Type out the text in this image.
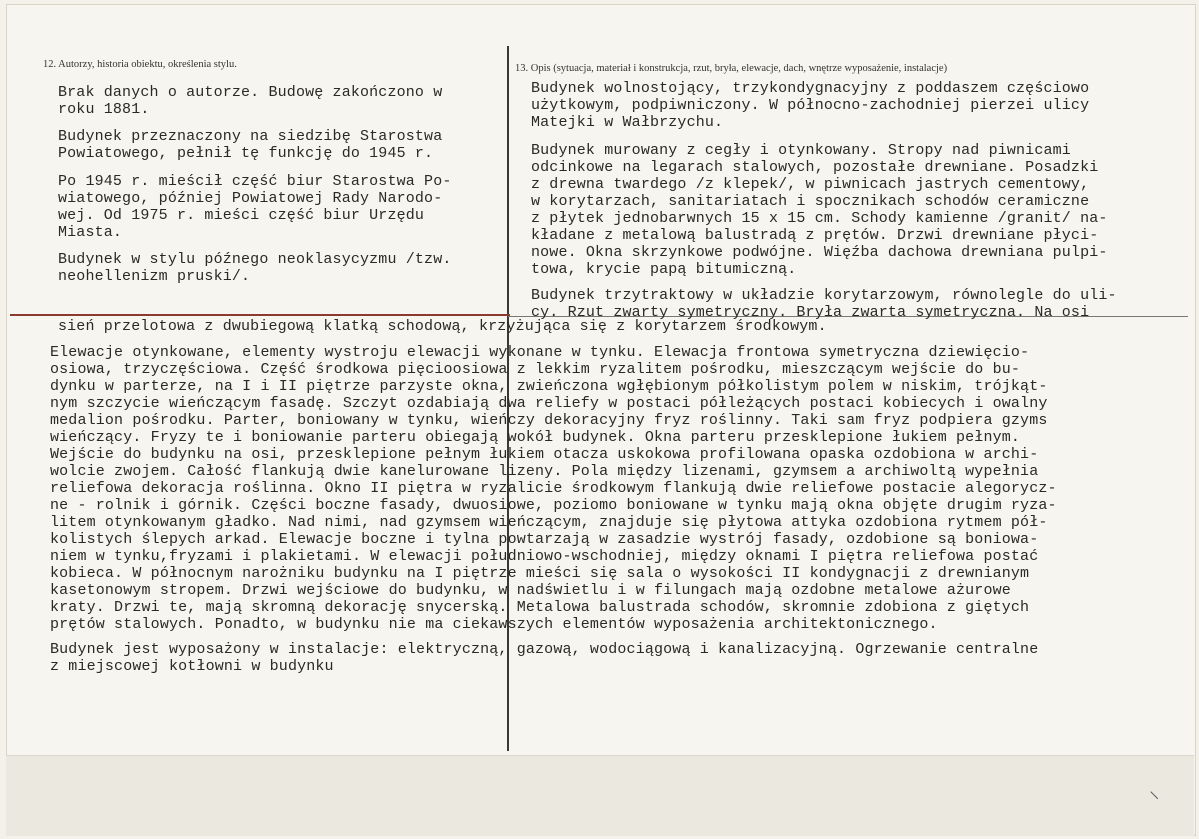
12. Autorzy, historia obiektu, określenia stylu.	13. Opis (sytuacja, materiał i konstrukcja, rzut, bryła, elewacje, dach, wnętrze wyposażenie, instalacje)
Brak danych o autorze. Budowę zakończono w
roku 1881.
Budynek przeznaczony na siedzibę Starostwa
Powiatowego, pełnił tę funkcję do 1945 r.
Po 1945 r. mieścił część biur Starostwa Po-
wiatowego, później Powiatowej Rady Narodo-
wej. Od 1975 r. mieści część biur Urzędu
Miasta.
Budynek w stylu późnego neoklasycyzmu /tzw.
neohellenizm pruski/.
Budynek wolnostojący, trzykondygnacyjny z poddaszem częściowo
użytkowym, podpiwniczony. W północno-zachodniej pierzei ulicy
Matejki w Wałbrzychu.
Budynek murowany z cegły i otynkowany. Stropy nad piwnicami
odcinkowe na legarach stalowych, pozostałe drewniane. Posadzki
z drewna twardego /z klepek/, w piwnicach jastrych cementowy,
w korytarzach, sanitariatach i spocznikach schodów ceramiczne
z płytek jednobarwnych 15 x 15 cm. Schody kamienne /granit/ na-
kładane z metalową balustradą z prętów. Drzwi drewniane płyci-
nowe. Okna skrzynkowe podwójne. Więźba dachowa drewniana pulpi-
towa, krycie papą bitumiczną.
Budynek trzytraktowy w układzie korytarzowym, równolegle do uli-
cy. Rzut zwarty symetryczny. Bryła zwarta symetryczna. Na osi
sień przelotowa z dwubiegową klatką schodową, krzyżująca się z korytarzem środkowym.
Elewacje otynkowane, elementy wystroju elewacji wykonane w tynku. Elewacja frontowa symetryczna dziewięcio-
osiowa, trzyczęściowa. Część środkowa pięcioosiowa z lekkim ryzalitem pośrodku, mieszczącym wejście do bu-
dynku w parterze, na I i II piętrze parzyste okna, zwieńczona wgłębionym półkolistym polem w niskim, trójkąt-
nym szczycie wieńczącym fasadę. Szczyt ozdabiają dwa reliefy w postaci półleżących postaci kobiecych i owalny
medalion pośrodku. Parter, boniowany w tynku, wieńczy dekoracyjny fryz roślinny. Taki sam fryz podpiera gzyms
wieńczący. Fryzy te i boniowanie parteru obiegają wokół budynek. Okna parteru przesklepione łukiem pełnym.
Wejście do budynku na osi, przesklepione pełnym łukiem otacza uskokowa profilowana opaska ozdobiona w archi-
wolcie zwojem. Całość flankują dwie kanelurowane lizeny. Pola między lizenami, gzymsem a archiwoltą wypełnia
reliefowa dekoracja roślinna. Okno II piętra w ryzalicie środkowym flankują dwie reliefowe postacie alegorycz-
ne - rolnik i górnik. Części boczne fasady, dwuosiowe, poziomo boniowane w tynku mają okna objęte drugim ryza-
litem otynkowanym gładko. Nad nimi, nad gzymsem wieńczącym, znajduje się płytowa attyka ozdobiona rytmem pół-
kolistych ślepych arkad. Elewacje boczne i tylna powtarzają w zasadzie wystrój fasady, ozdobione są boniowa-
niem w tynku,fryzami i plakietami. W elewacji południowo-wschodniej, między oknami I piętra reliefowa postać
kobieca. W północnym narożniku budynku na I piętrze mieści się sala o wysokości II kondygnacji z drewnianym
kasetonowym stropem. Drzwi wejściowe do budynku, w nadświetlu i w filungach mają ozdobne metalowe ażurowe
kraty. Drzwi te, mają skromną dekorację snycerską. Metalowa balustrada schodów, skromnie zdobiona z giętych
prętów stalowych. Ponadto, w budynku nie ma ciekawszych elementów wyposażenia architektonicznego.
Budynek jest wyposażony w instalacje: elektryczną, gazową, wodociągową i kanalizacyjną. Ogrzewanie centralne
z miejscowej kotłowni w budynku
